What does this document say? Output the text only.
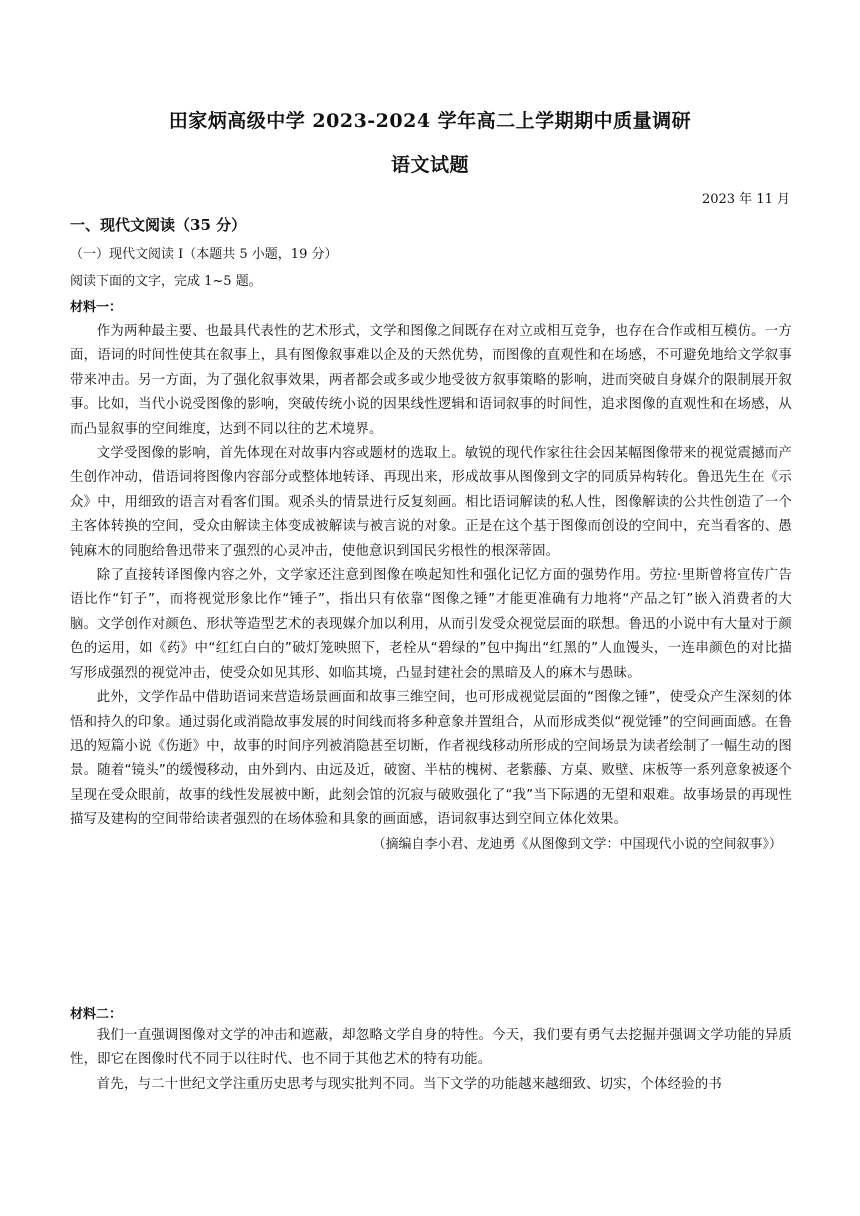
田家炳高级中学 2023-2024 学年高二上学期期中质量调研
语文试题
2023 年 11 月
一、现代文阅读（35 分）
（一）现代文阅读 I（本题共 5 小题，19 分）
阅读下面的文字，完成 1~5 题。
材料一：

作为两种最主要、也最具代表性的艺术形式，文学和图像之间既存在对立或相互竞争，也存在合作或相互模仿。一方面，语词的时间性使其在叙事上，具有图像叙事难以企及的天然优势，而图像的直观性和在场感，不可避免地给文学叙事带来冲击。另一方面，为了强化叙事效果，两者都会或多或少地受彼方叙事策略的影响，进而突破自身媒介的限制展开叙事。比如，当代小说受图像的影响，突破传统小说的因果线性逻辑和语词叙事的时间性，追求图像的直观性和在场感，从而凸显叙事的空间维度，达到不同以往的艺术境界。

文学受图像的影响，首先体现在对故事内容或题材的选取上。敏锐的现代作家往往会因某幅图像带来的视觉震撼而产生创作冲动，借语词将图像内容部分或整体地转译、再现出来，形成故事从图像到文字的同质异构转化。鲁迅先生在《示众》中，用细致的语言对看客们围。观杀头的情景进行反复刻画。相比语词解读的私人性，图像解读的公共性创造了一个主客体转换的空间，受众由解读主体变成被解读与被言说的对象。正是在这个基于图像而创设的空间中，充当看客的、愚钝麻木的同胞给鲁迅带来了强烈的心灵冲击，使他意识到国民劣根性的根深蒂固。

除了直接转译图像内容之外，文学家还注意到图像在唤起知性和强化记忆方面的强势作用。劳拉·里斯曾将宣传广告语比作“钉子”，而将视觉形象比作“锤子”，指出只有依靠“图像之锤”才能更准确有力地将“产品之钉”嵌入消费者的大脑。文学创作对颜色、形状等造型艺术的表现媒介加以利用，从而引发受众视觉层面的联想。鲁迅的小说中有大量对于颜色的运用，如《药》中“红红白白的”破灯笼映照下，老栓从“碧绿的”包中掏出“红黑的”人血馒头，一连串颜色的对比描写形成强烈的视觉冲击，使受众如见其形、如临其境，凸显封建社会的黑暗及人的麻木与愚昧。

此外，文学作品中借助语词来营造场景画面和故事三维空间，也可形成视觉层面的“图像之锤”，使受众产生深刻的体悟和持久的印象。通过弱化或消隐故事发展的时间线而将多种意象并置组合，从而形成类似“视觉锤”的空间画面感。在鲁迅的短篇小说《伤逝》中，故事的时间序列被消隐甚至切断，作者视线移动所形成的空间场景为读者绘制了一幅生动的图景。随着“镜头”的缓慢移动，由外到内、由远及近，破窗、半枯的槐树、老紫藤、方桌、败壁、床板等一系列意象被逐个呈现在受众眼前，故事的线性发展被中断，此刻会馆的沉寂与破败强化了“我”当下际遇的无望和艰难。故事场景的再现性描写及建构的空间带给读者强烈的在场体验和具象的画面感，语词叙事达到空间立体化效果。

（摘编自李小君、龙迪勇《从图像到文学：中国现代小说的空间叙事》）

材料二：

我们一直强调图像对文学的冲击和遮蔽，却忽略文学自身的特性。今天，我们要有勇气去挖掘并强调文学功能的异质性，即它在图像时代不同于以往时代、也不同于其他艺术的特有功能。

首先，与二十世纪文学注重历史思考与现实批判不同。当下文学的功能越来越细致、切实，个体经验的书
